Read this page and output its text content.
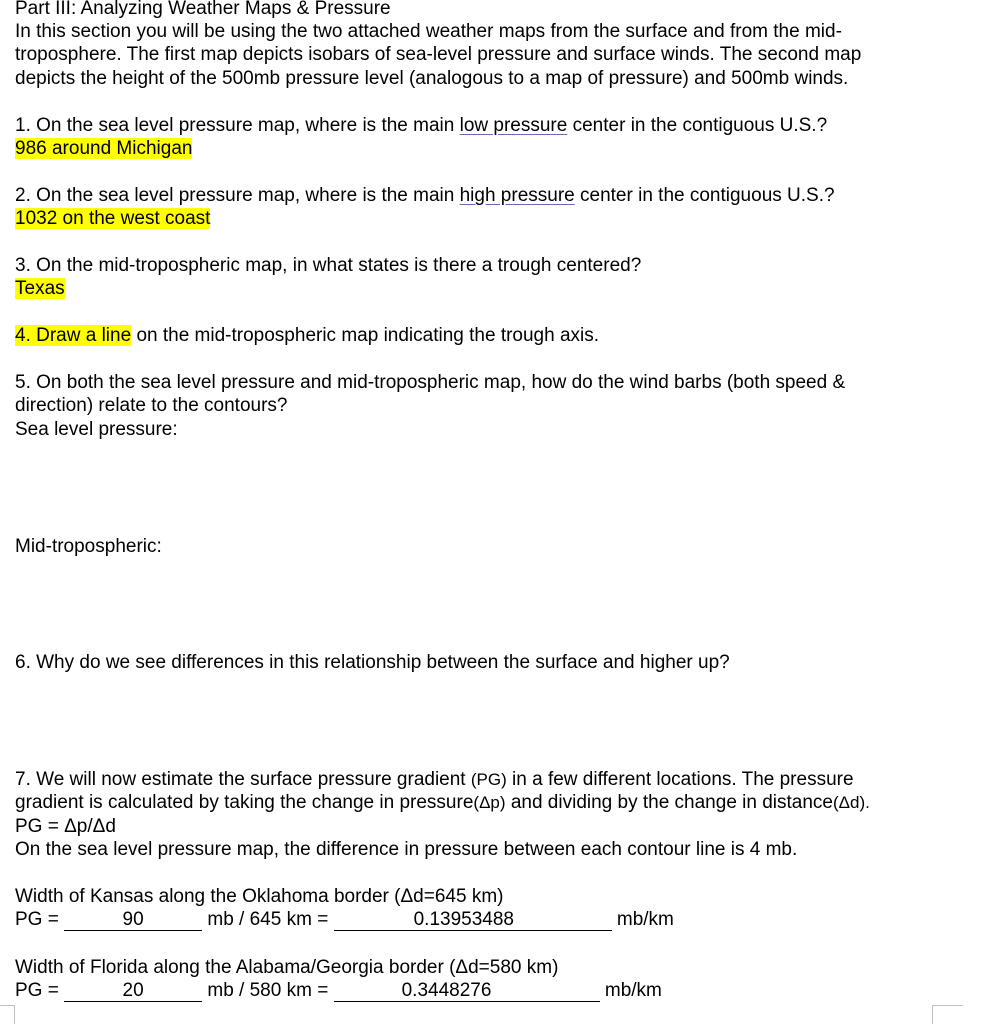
Part III: Analyzing Weather Maps & Pressure
In this section you will be using the two attached weather maps from the surface and from the mid-
troposphere. The first map depicts isobars of sea-level pressure and surface winds. The second map
depicts the height of the 500mb pressure level (analogous to a map of pressure) and 500mb winds.
1. On the sea level pressure map, where is the main low pressure center in the contiguous U.S.?
986 around Michigan
2. On the sea level pressure map, where is the main high pressure center in the contiguous U.S.?
1032 on the west coast
3. On the mid-tropospheric map, in what states is there a trough centered?
Texas
4. Draw a line on the mid-tropospheric map indicating the trough axis.
5. On both the sea level pressure and mid-tropospheric map, how do the wind barbs (both speed &
direction) relate to the contours?
Sea level pressure:
Mid-tropospheric:
6. Why do we see differences in this relationship between the surface and higher up?
7. We will now estimate the surface pressure gradient (PG) in a few different locations. The pressure
gradient is calculated by taking the change in pressure(Δp) and dividing by the change in distance(Δd).
PG = Δp/Δd
On the sea level pressure map, the difference in pressure between each contour line is 4 mb.
Width of Kansas along the Oklahoma border (Δd=645 km)
PG =	90	mb / 645 km =	0.13953488	mb/km
Width of Florida along the Alabama/Georgia border (Δd=580 km)
PG =	20	mb / 580 km =	0.3448276	mb/km
